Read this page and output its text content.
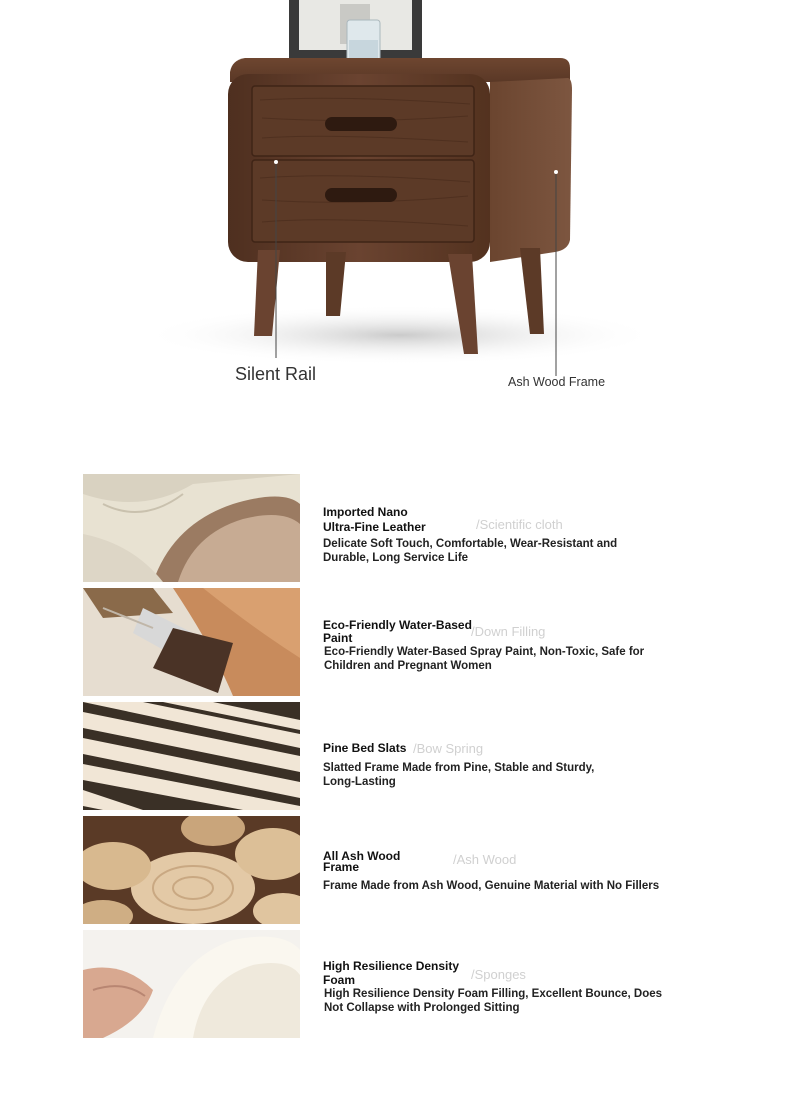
Silent Rail	Ash Wood Frame
Imported Nano
Ultra-Fine Leather	/Scientific cloth
Delicate Soft Touch, Comfortable, Wear-Resistant and
Durable, Long Service Life
Eco-Friendly Water-Based
Paint	/Down Filling
Eco-Friendly Water-Based Spray Paint, Non-Toxic, Safe for
Children and Pregnant Women
Pine Bed Slats /Bow Spring
Slatted Frame Made from Pine, Stable and Sturdy,
Long-Lasting
All Ash Wood
Frame	/Ash Wood
Frame Made from Ash Wood, Genuine Material with No Fillers
High Resilience Density
Foam	/Sponges
High Resilience Density Foam Filling, Excellent Bounce, Does
Not Collapse with Prolonged Sitting
